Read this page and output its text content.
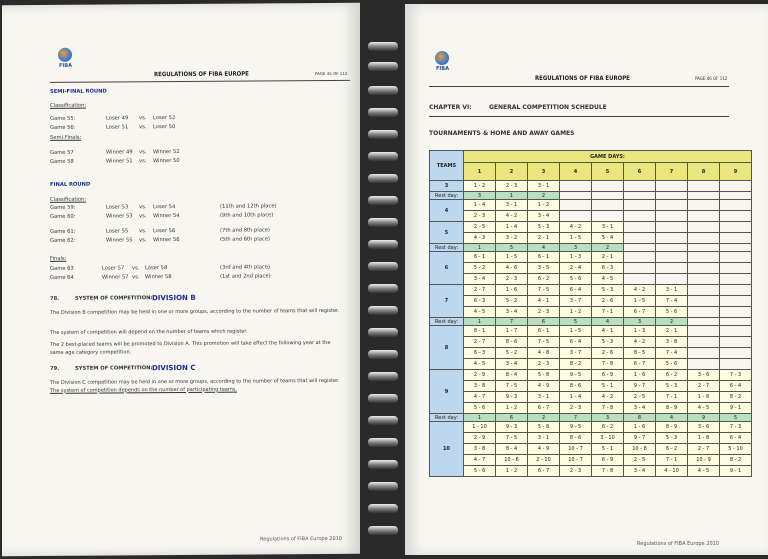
FIBA
REGULATIONS OF FIBA EUROPE	PAGE 45 OF 112
SEMI-FINAL ROUND
Classification:
Game 55:	Loser 49 vs. Loser 52
Game 56:	Loser 51 vs. Loser 50
Semi-Finals:
Game 57	Winner 49 vs. Winner 52
Game 58	Winner 51 vs. Winner 50
FINAL ROUND
Classification:
Game 59:	Loser 53 vs. Loser 54	(11th and 12th place)
Game 60:	Winner 53 vs. Winner 54	(9th and 10th place)
Game 61:	Loser 55 vs. Loser 56	(7th and 8th place)
Game 62:	Winner 55 vs. Winner 56	(5th and 6th place)
Finals:
Game 63	Loser 57 vs. Loser 58	(3rd and 4th place)
Game 64	Winner 57 vs. Winner 58	(1st and 2nd place)
78.	SYSTEM OF COMPETITION: DIVISION B
The Division B competition may be held in one or more groups, according to the number of teams that will register.
The system of competition will depend on the number of teams which register.
The 2 best-placed teams will be promoted to Division A. This promotion will take effect the following year at the same age category competition.
79.	SYSTEM OF COMPETITION: DIVISION C
The Division C competition may be held in one or more groups, according to the number of teams that will register. The system of competition depends on the number of participating teams.
Regulations of FIBA Europe 2010
FIBA
REGULATIONS OF FIBA EUROPE	PAGE 46 OF 112
CHAPTER VI:	GENERAL COMPETITION SCHEDULE
TOURNAMENTS & HOME AND AWAY GAMES
TEAMS	GAME DAYS:								
	1	2	3	4	5	6	7	8	9
3	1 - 2	2 - 3	3 - 1						
Rest day:	3	1	2						
4	1 - 4	3 - 1	1 - 2						
	2 - 3	4 - 2	3 - 4						
5	2 - 5	1 - 4	5 - 3	4 - 2	3 - 1				
	4 - 3	3 - 2	2 - 1	1 - 5	5 - 4				
Rest day:	1	5	4	3	2				
6	6 - 1	1 - 5	6 - 1	1 - 3	2 - 1				
	5 - 2	4 - 6	3 - 5	2 - 4	6 - 3				
	3 - 4	2 - 3	6 - 2	5 - 6	4 - 5				
7	2 - 7	1 - 6	7 - 5	6 - 4	5 - 3	4 - 2	3 - 1		
	6 - 3	5 - 2	4 - 1	3 - 7	2 - 6	1 - 5	7 - 4		
	4 - 5	3 - 4	2 - 3	1 - 2	7 - 1	6 - 7	5 - 6		
Rest day:	1	7	6	5	4	3	2		
8	8 - 1	1 - 7	6 - 1	1 - 5	4 - 1	1 - 3	2 - 1		
	2 - 7	8 - 6	7 - 5	6 - 4	5 - 3	4 - 2	3 - 8		
	6 - 3	5 - 2	4 - 8	3 - 7	2 - 6	8 - 5	7 - 4		
	4 - 5	3 - 4	2 - 3	8 - 2	7 - 8	6 - 7	5 - 6		
9	2 - 9	8 - 4	5 - 8	9 - 5	6 - 9	1 - 6	6 - 2	3 - 6	7 - 3
	3 - 8	7 - 5	4 - 9	8 - 6	5 - 1	9 - 7	5 - 3	2 - 7	6 - 4
	4 - 7	9 - 3	3 - 1	1 - 4	4 - 2	2 - 5	7 - 1	1 - 8	8 - 2
	5 - 6	1 - 2	6 - 7	2 - 3	7 - 8	3 - 4	8 - 9	4 - 5	9 - 1
Rest day:	1	6	2	7	3	8	4	9	5
10	1 - 10	9 - 3	5 - 8	9 - 5	6 - 2	1 - 6	8 - 9	3 - 6	7 - 3
	2 - 9	7 - 5	3 - 1	8 - 6	3 - 10	9 - 7	5 - 3	1 - 8	6 - 4
	3 - 8	8 - 4	4 - 9	10 - 7	5 - 1	10 - 8	6 - 2	2 - 7	5 - 10
	4 - 7	10 - 6	2 - 10	10 - 7	6 - 9	2 - 5	7 - 1	10 - 9	8 - 2
	5 - 6	1 - 2	6 - 7	2 - 3	7 - 8	3 - 4	4 - 10	4 - 5	9 - 1
Regulations of FIBA Europe 2010
